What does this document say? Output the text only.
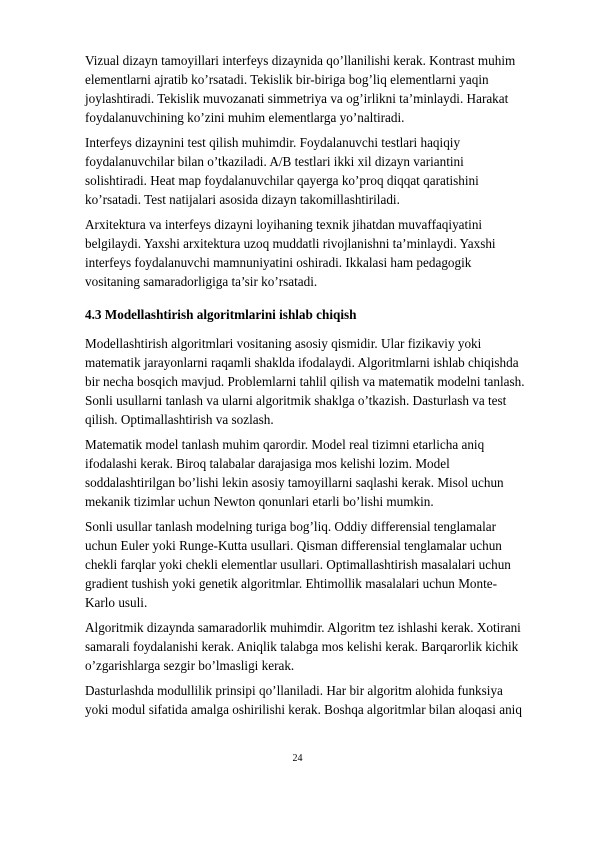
Vizual dizayn tamoyillari interfeys dizaynida qo’llanilishi kerak. Kontrast muhim
elementlarni ajratib ko’rsatadi. Tekislik bir-biriga bog’liq elementlarni yaqin
joylashtiradi. Tekislik muvozanati simmetriya va og’irlikni ta’minlaydi. Harakat
foydalanuvchining ko’zini muhim elementlarga yo’naltiradi.

Interfeys dizaynini test qilish muhimdir. Foydalanuvchi testlari haqiqiy
foydalanuvchilar bilan o’tkaziladi. A/B testlari ikki xil dizayn variantini
solishtiradi. Heat map foydalanuvchilar qayerga ko’proq diqqat qaratishini
ko’rsatadi. Test natijalari asosida dizayn takomillashtiriladi.

Arxitektura va interfeys dizayni loyihaning texnik jihatdan muvaffaqiyatini
belgilaydi. Yaxshi arxitektura uzoq muddatli rivojlanishni ta’minlaydi. Yaxshi
interfeys foydalanuvchi mamnuniyatini oshiradi. Ikkalasi ham pedagogik
vositaning samaradorligiga ta’sir ko’rsatadi.

4.3 Modellashtirish algoritmlarini ishlab chiqish

Modellashtirish algoritmlari vositaning asosiy qismidir. Ular fizikaviy yoki
matematik jarayonlarni raqamli shaklda ifodalaydi. Algoritmlarni ishlab chiqishda
bir necha bosqich mavjud. Problemlarni tahlil qilish va matematik modelni tanlash.
Sonli usullarni tanlash va ularni algoritmik shaklga o’tkazish. Dasturlash va test
qilish. Optimallashtirish va sozlash.

Matematik model tanlash muhim qarordir. Model real tizimni etarlicha aniq
ifodalashi kerak. Biroq talabalar darajasiga mos kelishi lozim. Model
soddalashtirilgan bo’lishi lekin asosiy tamoyillarni saqlashi kerak. Misol uchun
mekanik tizimlar uchun Newton qonunlari etarli bo’lishi mumkin.

Sonli usullar tanlash modelning turiga bog’liq. Oddiy differensial tenglamalar
uchun Euler yoki Runge-Kutta usullari. Qisman differensial tenglamalar uchun
chekli farqlar yoki chekli elementlar usullari. Optimallashtirish masalalari uchun
gradient tushish yoki genetik algoritmlar. Ehtimollik masalalari uchun Monte-
Karlo usuli.

Algoritmik dizaynda samaradorlik muhimdir. Algoritm tez ishlashi kerak. Xotirani
samarali foydalanishi kerak. Aniqlik talabga mos kelishi kerak. Barqarorlik kichik
o’zgarishlarga sezgir bo’lmasligi kerak.

Dasturlashda modullilik prinsipi qo’llaniladi. Har bir algoritm alohida funksiya
yoki modul sifatida amalga oshirilishi kerak. Boshqa algoritmlar bilan aloqasi aniq

24
